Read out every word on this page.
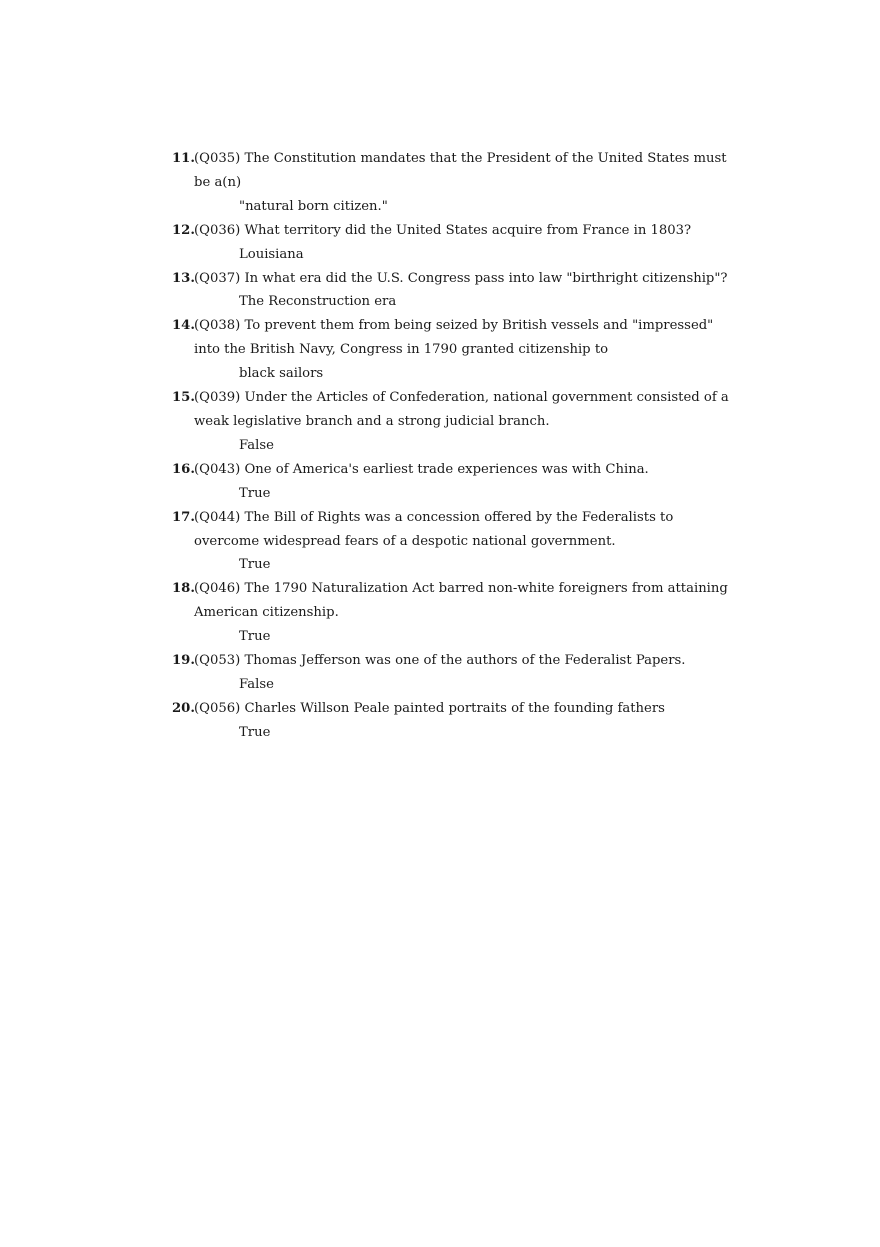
11. (Q035) The Constitution mandates that the President of the United States must be a(n)
"natural born citizen."
12. (Q036) What territory did the United States acquire from France in 1803?
Louisiana
13. (Q037) In what era did the U.S. Congress pass into law "birthright citizenship"?
The Reconstruction era
14. (Q038) To prevent them from being seized by British vessels and "impressed" into the British Navy, Congress in 1790 granted citizenship to
black sailors
15. (Q039) Under the Articles of Confederation, national government consisted of a weak legislative branch and a strong judicial branch.
False
16. (Q043) One of America's earliest trade experiences was with China.
True
17. (Q044) The Bill of Rights was a concession offered by the Federalists to overcome widespread fears of a despotic national government.
True
18. (Q046) The 1790 Naturalization Act barred non-white foreigners from attaining American citizenship.
True
19. (Q053) Thomas Jefferson was one of the authors of the Federalist Papers.
False
20. (Q056) Charles Willson Peale painted portraits of the founding fathers
True
